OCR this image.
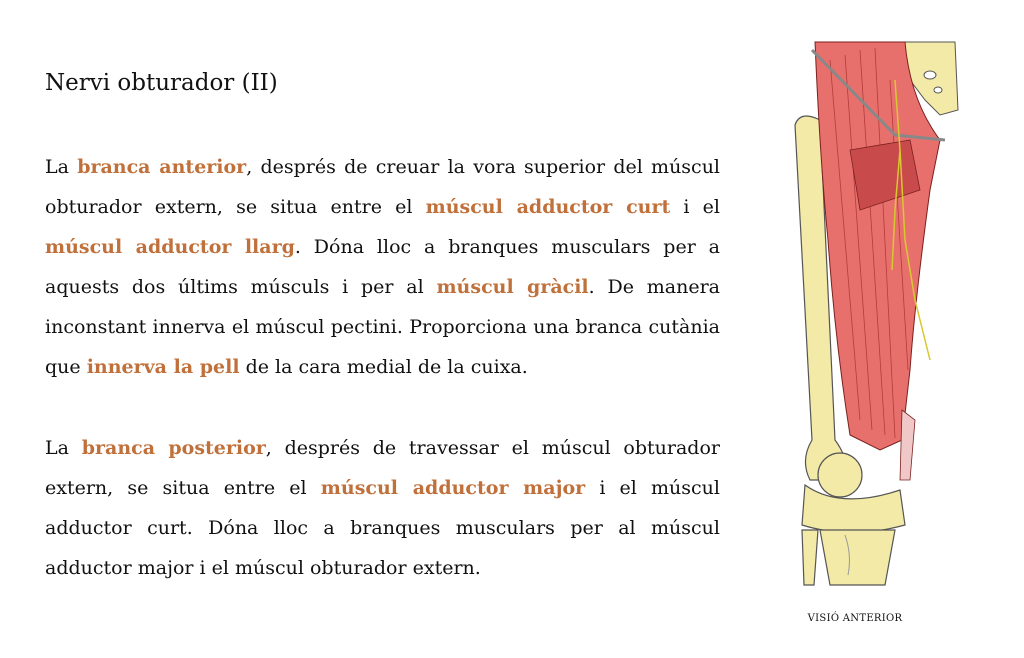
Nervi obturador (II)

La branca anterior, després de creuar la vora superior del múscul obturador extern, se situa entre el múscul adductor curt i el múscul adductor llarg. Dóna lloc a branques musculars per a aquests dos últims músculs i per al múscul gràcil. De manera inconstant innerva el múscul pectini. Proporciona una branca cutània que innerva la pell de la cara medial de la cuixa.

La branca posterior, després de travessar el múscul obturador extern, se situa entre el múscul adductor major i el múscul adductor curt. Dóna lloc a branques musculars per al múscul adductor major i el múscul obturador extern.

VISIÓ ANTERIOR
